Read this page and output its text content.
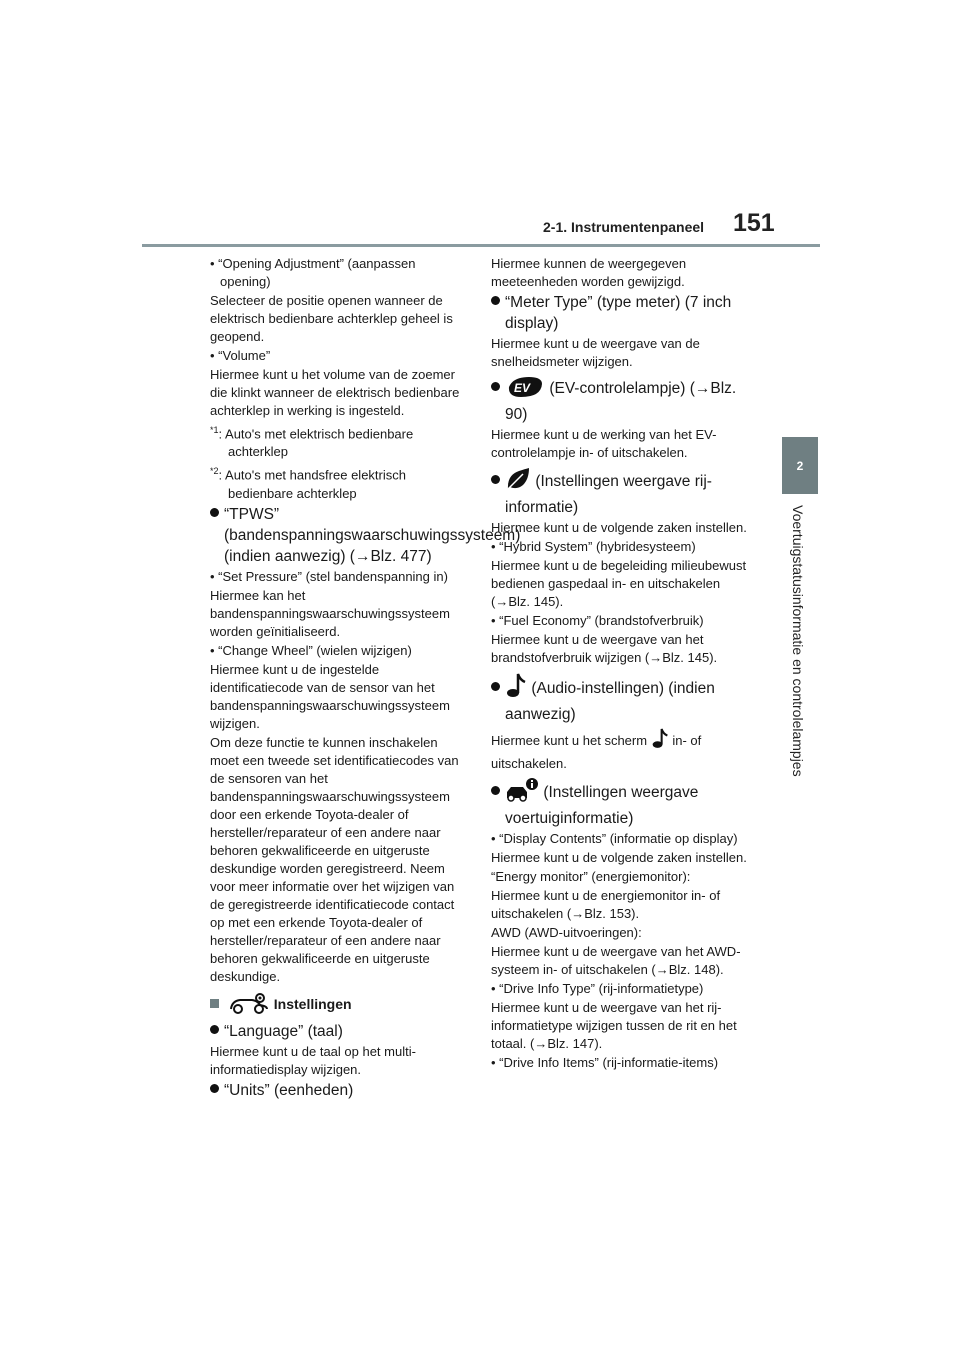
2-1. Instrumentenpaneel 151
2
Voertuigstatusinformatie en controlelampjes

• “Opening Adjustment” (aanpassen opening)

Selecteer de positie openen wanneer de elektrisch bedienbare achterklep geheel is geopend.

• “Volume”

Hiermee kunt u het volume van de zoemer die klinkt wanneer de elektrisch bedienbare achterklep in werking is ingesteld.

$^{*1}$: Auto's met elektrisch bedienbare achterklep

$^{*2}$: Auto's met handsfree elektrisch bedienbare achterklep

“TPWS” (bandenspanningswaarschuwingssysteem) (indien aanwezig) (→Blz. 477)

• “Set Pressure” (stel bandenspanning in)

Hiermee kan het bandenspanningswaarschuwingssysteem worden geïnitialiseerd.

• “Change Wheel” (wielen wijzigen)

Hiermee kunt u de ingestelde identificatiecode van de sensor van het bandenspanningswaarschuwingssysteem wijzigen.

Om deze functie te kunnen inschakelen moet een tweede set identificatiecodes van de sensoren van het bandenspanningswaarschuwingssysteem door een erkende Toyota-dealer of hersteller/reparateur of een andere naar behoren gekwalificeerde en uitgeruste deskundige worden geregistreerd. Neem voor meer informatie over het wijzigen van de geregistreerde identificatiecode contact op met een erkende Toyota-dealer of hersteller/reparateur of een andere naar behoren gekwalificeerde en uitgeruste deskundige.

Instellingen

“Language” (taal)

Hiermee kunt u de taal op het multi-informatiedisplay wijzigen.

“Units” (eenheden)

Hiermee kunnen de weergegeven meeteenheden worden gewijzigd.

“Meter Type” (type meter) (7 inch display)

Hiermee kunt u de weergave van de snelheidsmeter wijzigen.

EV (EV-controlelampje) (→Blz. 90)

Hiermee kunt u de werking van het EV-controlelampje in- of uitschakelen.

(Instellingen weergave rij-informatie)

Hiermee kunt u de volgende zaken instellen.

• “Hybrid System” (hybridesysteem)

Hiermee kunt u de begeleiding milieubewust bedienen gaspedaal in- en uitschakelen (→Blz. 145).

• “Fuel Economy” (brandstofverbruik)

Hiermee kunt u de weergave van het brandstofverbruik wijzigen (→Blz. 145).

(Audio-instellingen) (indien aanwezig)

Hiermee kunt u het scherm in- of uitschakelen.

(Instellingen weergave voertuiginformatie)

• “Display Contents” (informatie op display)

Hiermee kunt u de volgende zaken instellen.

“Energy monitor” (energiemonitor):

Hiermee kunt u de energiemonitor in- of uitschakelen (→Blz. 153).

AWD (AWD-uitvoeringen):

Hiermee kunt u de weergave van het AWD-systeem in- of uitschakelen (→Blz. 148).

• “Drive Info Type” (rij-informatietype)

Hiermee kunt u de weergave van het rij-informatietype wijzigen tussen de rit en het totaal. (→Blz. 147).

• “Drive Info Items” (rij-informatie-items)
